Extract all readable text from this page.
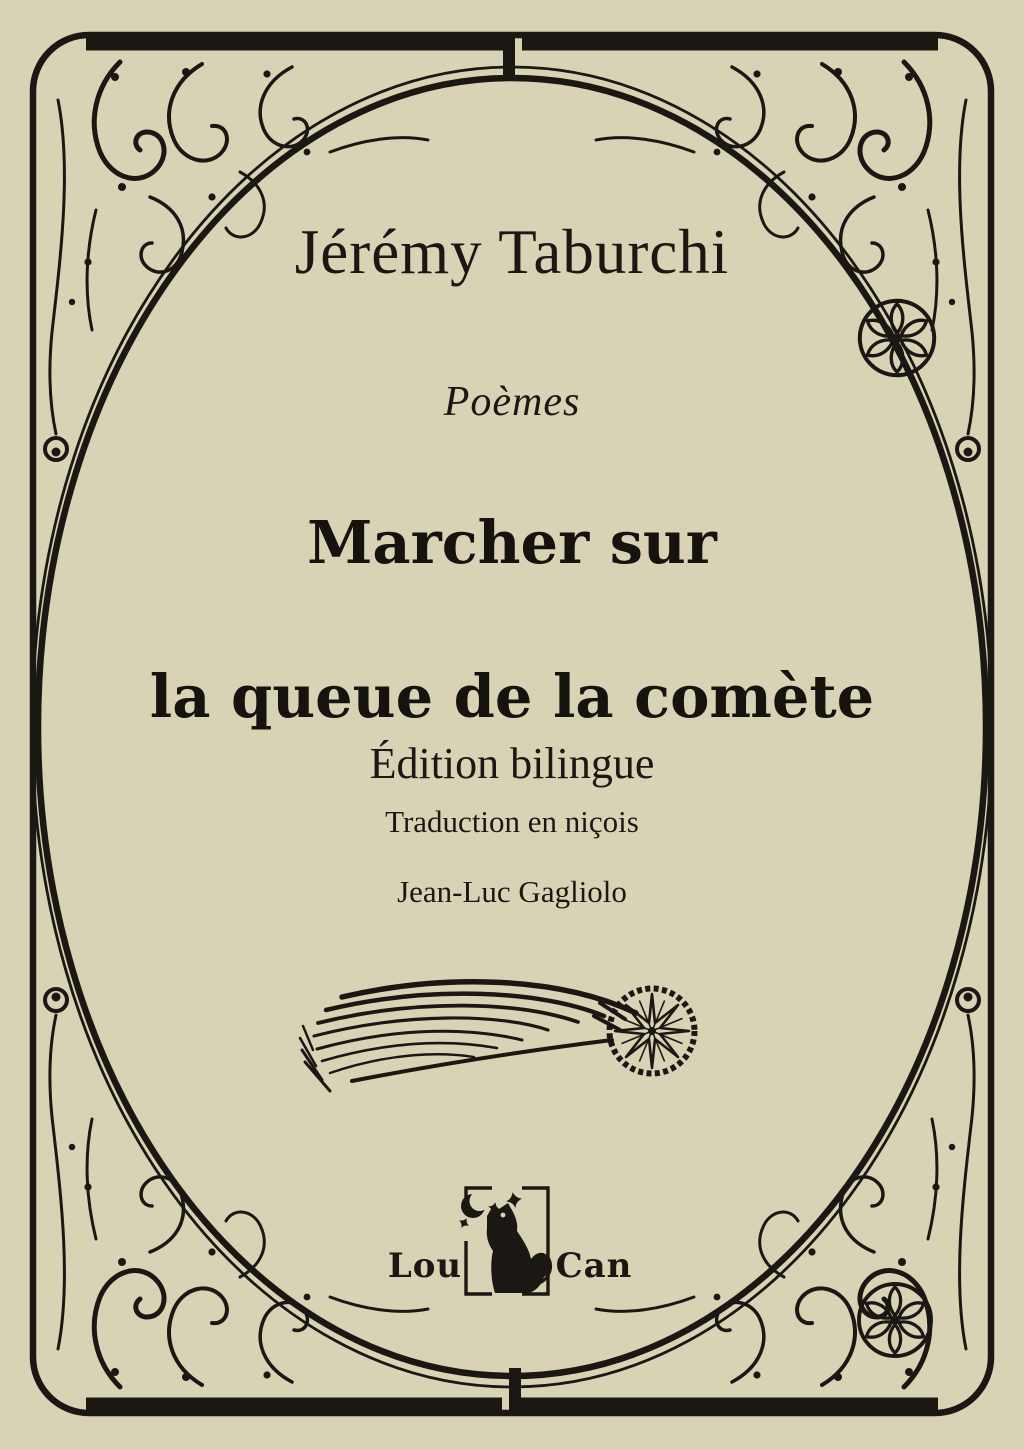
Jérémy Taburchi
Poèmes
Marcher sur

la queue de la comète
Édition bilingue
Traduction en niçois

Jean-Luc Gagliolo
Lou	Can
